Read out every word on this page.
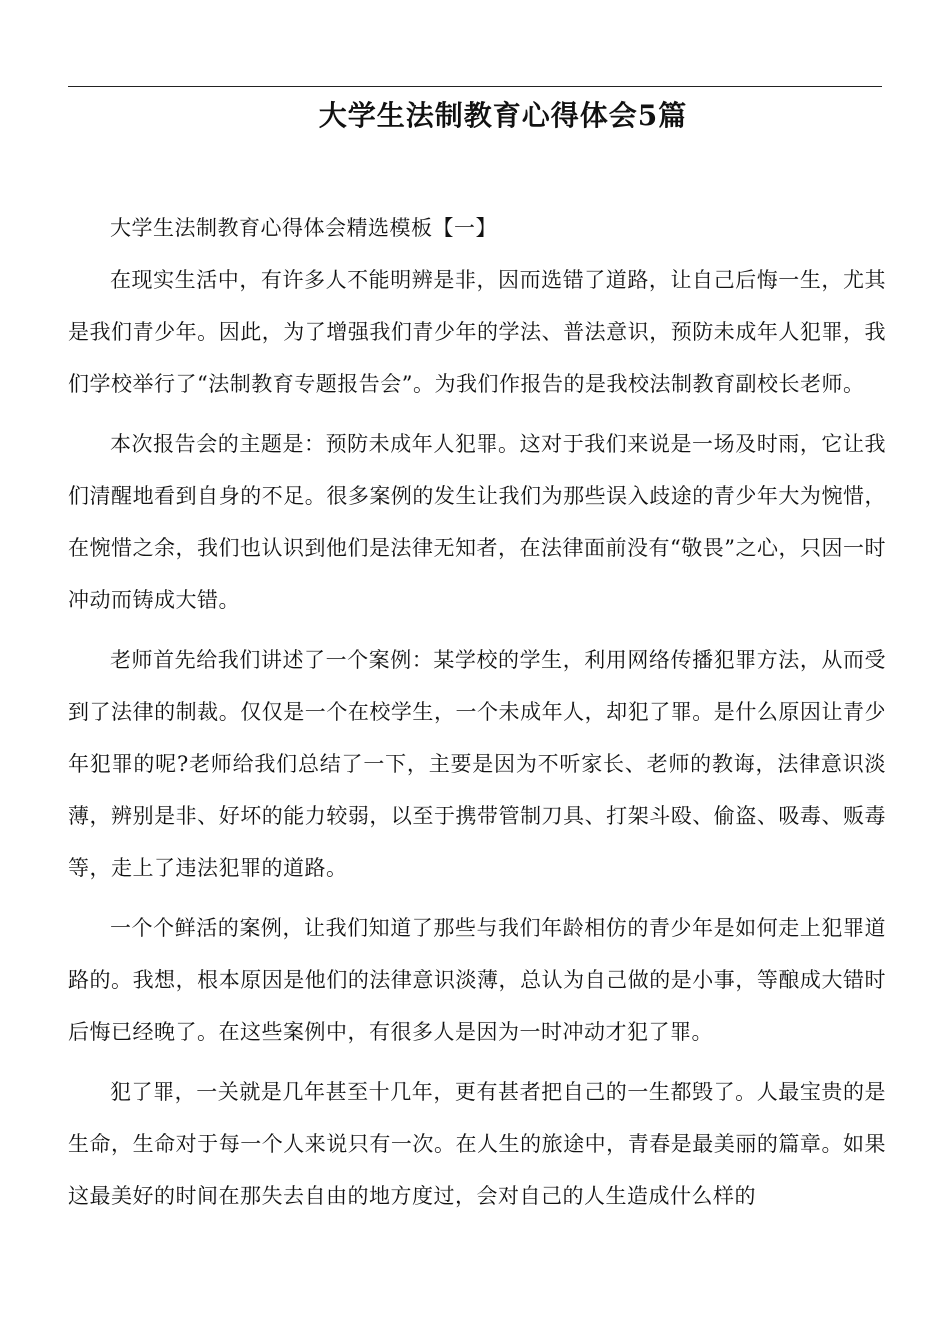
大学生法制教育心得体会5篇

大学生法制教育心得体会精选模板【一】

在现实生活中，有许多人不能明辨是非，因而选错了道路，让自己后悔一生，尤其是我们青少年。因此，为了增强我们青少年的学法、普法意识，预防未成年人犯罪，我们学校举行了“法制教育专题报告会”。为我们作报告的是我校法制教育副校长老师。

本次报告会的主题是：预防未成年人犯罪。这对于我们来说是一场及时雨，它让我们清醒地看到自身的不足。很多案例的发生让我们为那些误入歧途的青少年大为惋惜，在惋惜之余，我们也认识到他们是法律无知者，在法律面前没有“敬畏”之心，只因一时冲动而铸成大错。

老师首先给我们讲述了一个案例：某学校的学生，利用网络传播犯罪方法，从而受到了法律的制裁。仅仅是一个在校学生，一个未成年人，却犯了罪。是什么原因让青少年犯罪的呢?老师给我们总结了一下，主要是因为不听家长、老师的教诲，法律意识淡薄，辨别是非、好坏的能力较弱，以至于携带管制刀具、打架斗殴、偷盗、吸毒、贩毒等，走上了违法犯罪的道路。

一个个鲜活的案例，让我们知道了那些与我们年龄相仿的青少年是如何走上犯罪道路的。我想，根本原因是他们的法律意识淡薄，总认为自己做的是小事，等酿成大错时后悔已经晚了。在这些案例中，有很多人是因为一时冲动才犯了罪。

犯了罪，一关就是几年甚至十几年，更有甚者把自己的一生都毁了。人最宝贵的是生命，生命对于每一个人来说只有一次。在人生的旅途中，青春是最美丽的篇章。如果这最美好的时间在那失去自由的地方度过，会对自己的人生造成什么样的
